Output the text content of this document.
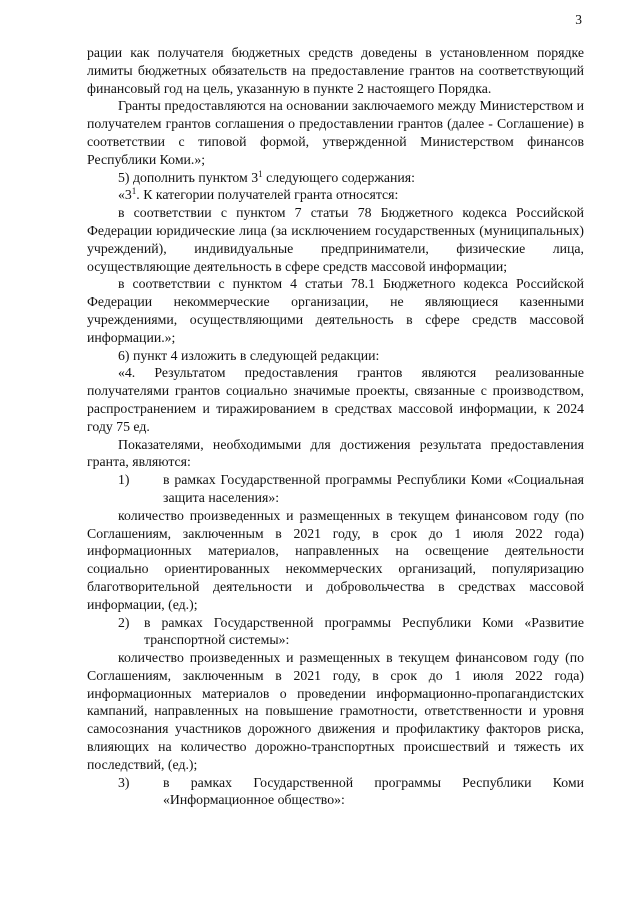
3

рации как получателя бюджетных средств доведены в установленном порядке лимиты бюджетных обязательств на предоставление грантов на соответствующий финансовый год на цель, указанную в пункте 2 настоящего Порядка.

Гранты предоставляются на основании заключаемого между Министерством и получателем грантов соглашения о предоставлении грантов (далее - Соглашение) в соответствии с типовой формой, утвержденной Министерством финансов Республики Коми.»;

5) дополнить пунктом $3^1$ следующего содержания:

«$3^1$. К категории получателей гранта относятся:

в соответствии с пунктом 7 статьи 78 Бюджетного кодекса Российской Федерации юридические лица (за исключением государственных (муниципальных) учреждений), индивидуальные предприниматели, физические лица, осуществляющие деятельность в сфере средств массовой информации;

в соответствии с пунктом 4 статьи 78.1 Бюджетного кодекса Российской Федерации некоммерческие организации, не являющиеся казенными учреждениями, осуществляющими деятельность в сфере средств массовой информации.»;

6) пункт 4 изложить в следующей редакции:

«4. Результатом предоставления грантов являются реализованные получателями грантов социально значимые проекты, связанные с производством, распространением и тиражированием в средствах массовой информации, к 2024 году 75 ед.

Показателями, необходимыми для достижения результата предоставления гранта, являются:

1)	в рамках Государственной программы Республики Коми «Социальная защита населения»:

количество произведенных и размещенных в текущем финансовом году (по Соглашениям, заключенным в 2021 году, в срок до 1 июля 2022 года) информационных материалов, направленных на освещение деятельности социально ориентированных некоммерческих организаций, популяризацию благотворительной деятельности и добровольчества в средствах массовой информации, (ед.);

2)	в рамках Государственной программы Республики Коми «Развитие транспортной системы»:

количество произведенных и размещенных в текущем финансовом году (по Соглашениям, заключенным в 2021 году, в срок до 1 июля 2022 года) информационных материалов о проведении информационно-пропагандистских кампаний, направленных на повышение грамотности, ответственности и уровня самосознания участников дорожного движения и профилактику факторов риска, влияющих на количество дорожно-транспортных происшествий и тяжесть их последствий, (ед.);

3)	в рамках Государственной программы Республики Коми «Информационное общество»:
